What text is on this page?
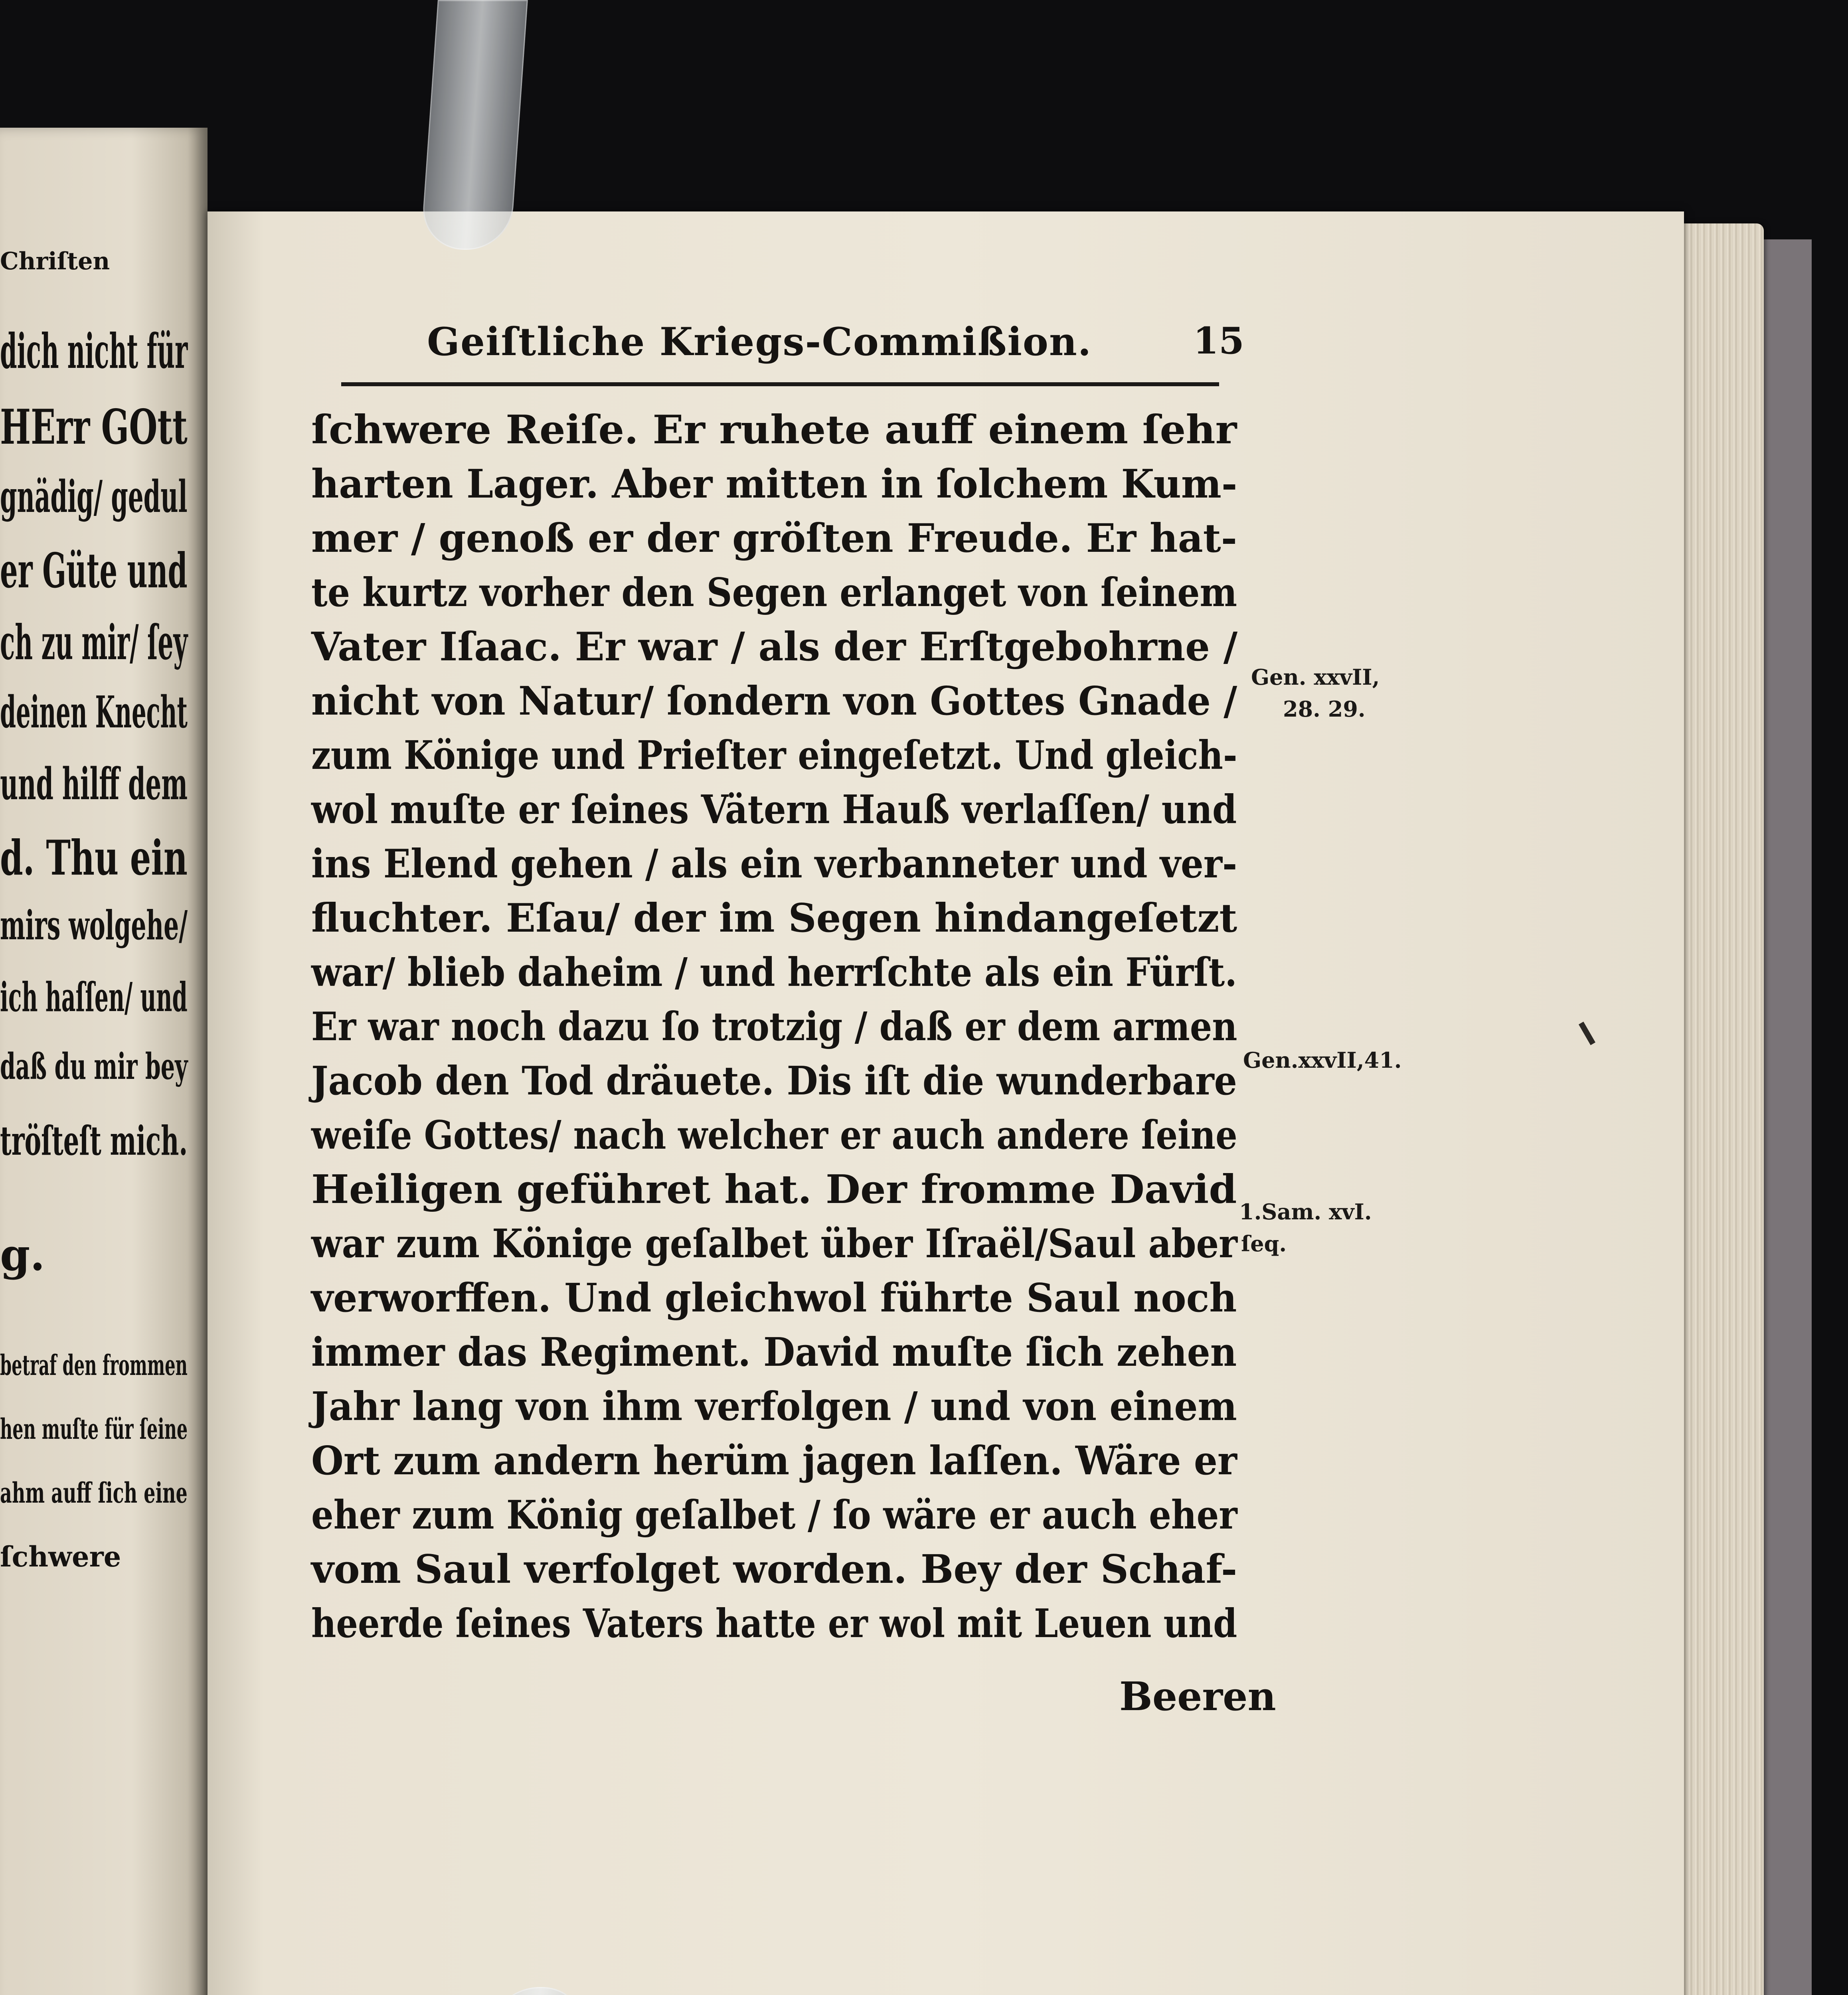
Chriſten
dich nicht für
HErr GOtt
gnädig/ gedul
er Güte und
ch zu mir/ ſey
deinen Knecht
und hilff dem
d. Thu ein
mirs wolgehe/
ich haſſen/ und
daß du mir bey
tröſteſt mich.
g.
betraf den frommen
hen muſte für ſeine
ahm auff ſich eine
ſchwere
Geiſtliche Kriegs-Commißion.	15
ſchwere Reiſe. Er ruhete auff einem ſehr
harten Lager. Aber mitten in ſolchem Kum-
mer / genoß er der gröſten Freude. Er hat-
te kurtz vorher den Segen erlanget von ſeinem
Vater Iſaac. Er war / als der Erſtgebohrne /
nicht von Natur/ ſondern von Gottes Gnade /
zum Könige und Prieſter eingeſetzt. Und gleich-
wol muſte er ſeines Vätern Hauß verlaſſen/ und
ins Elend gehen / als ein verbanneter und ver-
fluchter. Eſau/ der im Segen hindangeſetzt
war/ blieb daheim / und herrſchte als ein Fürſt.
Er war noch dazu ſo trotzig / daß er dem armen
Jacob den Tod dräuete. Dis iſt die wunderbare
weiſe Gottes/ nach welcher er auch andere ſeine
Heiligen geführet hat. Der fromme David
war zum Könige geſalbet über Iſraël/Saul aber
verworffen. Und gleichwol führte Saul noch
immer das Regiment. David muſte ſich zehen
Jahr lang von ihm verfolgen / und von einem
Ort zum andern herüm jagen laſſen. Wäre er
eher zum König geſalbet / ſo wäre er auch eher
vom Saul verfolget worden. Bey der Schaf-
heerde ſeines Vaters hatte er wol mit Leuen und
Gen. xxvII,
28. 29.
Gen.xxvII,41.
1.Sam. xvI.
ſeq.
Beeren
